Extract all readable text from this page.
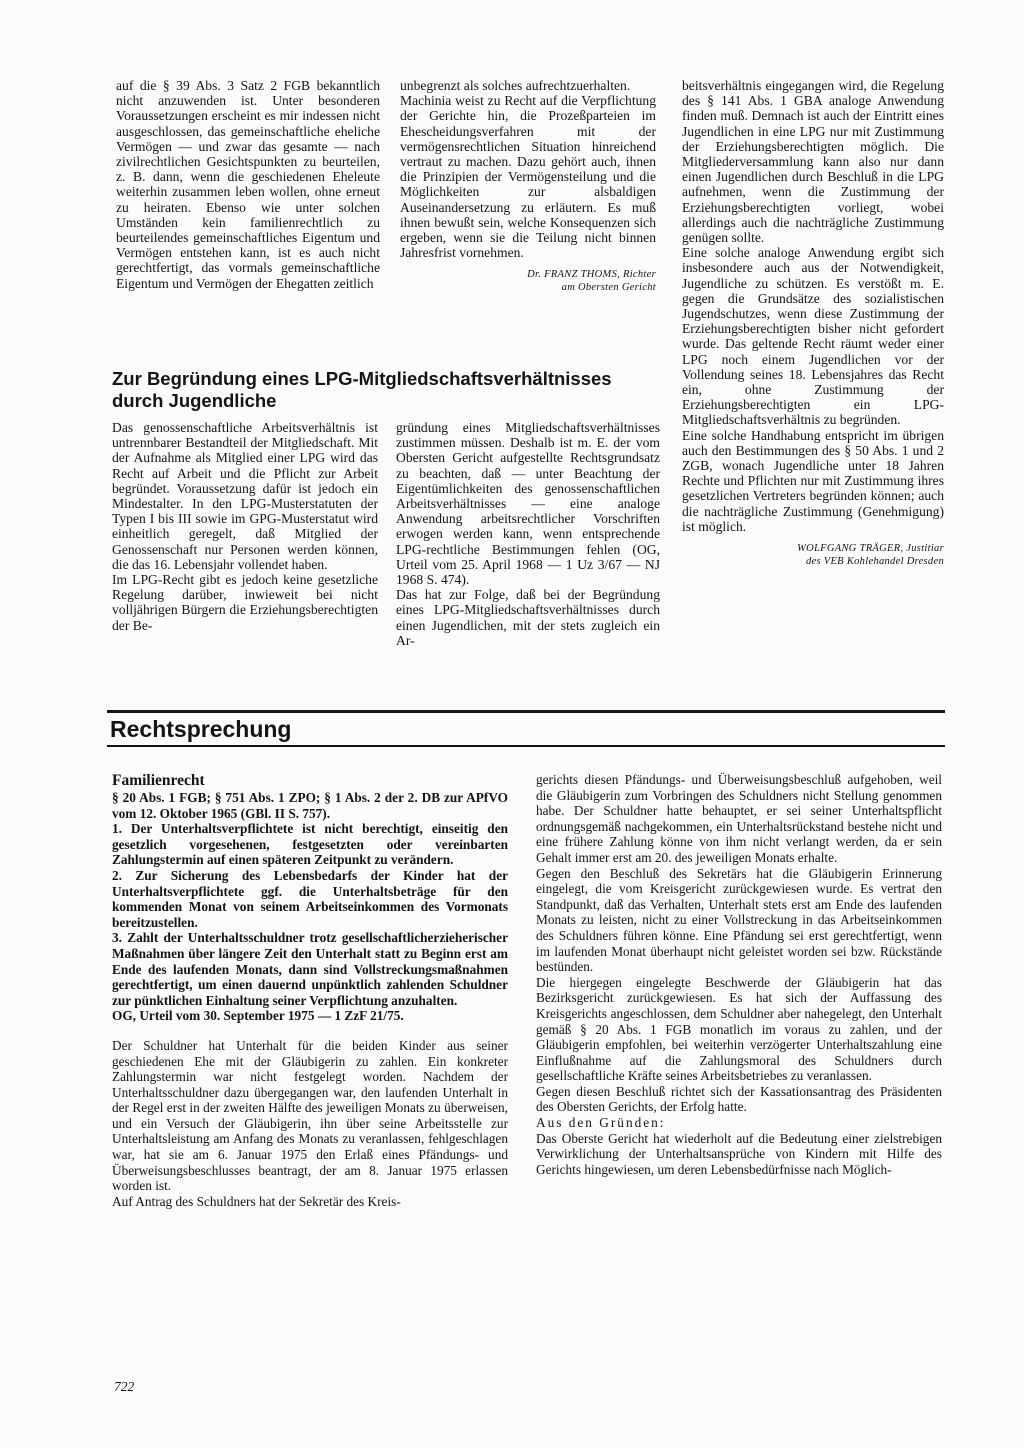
auf die § 39 Abs. 3 Satz 2 FGB bekanntlich nicht anzuwenden ist. Unter besonderen Voraussetzungen erscheint es mir indessen nicht ausgeschlossen, das gemeinschaftliche eheliche Vermögen — und zwar das gesamte — nach zivilrechtlichen Gesichtspunkten zu beurteilen, z. B. dann, wenn die geschiedenen Eheleute weiterhin zusammen leben wollen, ohne erneut zu heiraten. Ebenso wie unter solchen Umständen kein familienrechtlich zu beurteilendes gemeinschaftliches Eigentum und Vermögen entstehen kann, ist es auch nicht gerechtfertigt, das vormals gemeinschaftliche Eigentum und Vermögen der Ehegatten zeitlich

unbegrenzt als solches aufrechtzuerhalten.

Machinia weist zu Recht auf die Verpflichtung der Gerichte hin, die Prozeßparteien im Ehescheidungsverfahren mit der vermögensrechtlichen Situation hinreichend vertraut zu machen. Dazu gehört auch, ihnen die Prinzipien der Vermögensteilung und die Möglichkeiten zur alsbaldigen Auseinandersetzung zu erläutern. Es muß ihnen bewußt sein, welche Konsequenzen sich ergeben, wenn sie die Teilung nicht binnen Jahresfrist vornehmen.

Dr. FRANZ THOMS, Richter
am Obersten Gericht

beitsverhältnis eingegangen wird, die Regelung des § 141 Abs. 1 GBA analoge Anwendung finden muß. Demnach ist auch der Eintritt eines Jugendlichen in eine LPG nur mit Zustimmung der Erziehungsberechtigten möglich. Die Mitgliederversammlung kann also nur dann einen Jugendlichen durch Beschluß in die LPG aufnehmen, wenn die Zustimmung der Erziehungsberechtigten vorliegt, wobei allerdings auch die nachträgliche Zustimmung genügen sollte.

Eine solche analoge Anwendung ergibt sich insbesondere auch aus der Notwendigkeit, Jugendliche zu schützen. Es verstößt m. E. gegen die Grundsätze des sozialistischen Jugendschutzes, wenn diese Zustimmung der Erziehungsberechtigten bisher nicht gefordert wurde. Das geltende Recht räumt weder einer LPG noch einem Jugendlichen vor der Vollendung seines 18. Lebensjahres das Recht ein, ohne Zustimmung der Erziehungsberechtigten ein LPG-Mitgliedschaftsverhältnis zu begründen.

Eine solche Handhabung entspricht im übrigen auch den Bestimmungen des § 50 Abs. 1 und 2 ZGB, wonach Jugendliche unter 18 Jahren Rechte und Pflichten nur mit Zustimmung ihres gesetzlichen Vertreters begründen können; auch die nachträgliche Zustimmung (Genehmigung) ist möglich.

WOLFGANG TRÄGER, Justitiar
des VEB Kohlehandel Dresden
Zur Begründung eines LPG-Mitgliedschaftsverhältnisses durch Jugendliche

Das genossenschaftliche Arbeitsverhältnis ist untrennbarer Bestandteil der Mitgliedschaft. Mit der Aufnahme als Mitglied einer LPG wird das Recht auf Arbeit und die Pflicht zur Arbeit begründet. Voraussetzung dafür ist jedoch ein Mindestalter. In den LPG-Musterstatuten der Typen I bis III sowie im GPG-Musterstatut wird einheitlich geregelt, daß Mitglied der Genossenschaft nur Personen werden können, die das 16. Lebensjahr vollendet haben.

Im LPG-Recht gibt es jedoch keine gesetzliche Regelung darüber, inwieweit bei nicht volljährigen Bürgern die Erziehungsberechtigten der Be-

gründung eines Mitgliedschaftsverhältnisses zustimmen müssen. Deshalb ist m. E. der vom Obersten Gericht aufgestellte Rechtsgrundsatz zu beachten, daß — unter Beachtung der Eigentümlichkeiten des genossenschaftlichen Arbeitsverhältnisses — eine analoge Anwendung arbeitsrechtlicher Vorschriften erwogen werden kann, wenn entsprechende LPG-rechtliche Bestimmungen fehlen (OG, Urteil vom 25. April 1968 — 1 Uz 3/67 — NJ 1968 S. 474).

Das hat zur Folge, daß bei der Begründung eines LPG-Mitgliedschaftsverhältnisses durch einen Jugendlichen, mit der stets zugleich ein Ar-

Rechtsprechung

Familienrecht

§ 20 Abs. 1 FGB; § 751 Abs. 1 ZPO; § 1 Abs. 2 der 2. DB zur APfVO vom 12. Oktober 1965 (GBl. II S. 757).

1. Der Unterhaltsverpflichtete ist nicht berechtigt, einseitig den gesetzlich vorgesehenen, festgesetzten oder vereinbarten Zahlungstermin auf einen späteren Zeitpunkt zu verändern.

2. Zur Sicherung des Lebensbedarfs der Kinder hat der Unterhaltsverpflichtete ggf. die Unterhaltsbeträge für den kommenden Monat von seinem Arbeitseinkommen des Vormonats bereitzustellen.

3. Zahlt der Unterhaltsschuldner trotz gesellschaftlicherzieherischer Maßnahmen über längere Zeit den Unterhalt statt zu Beginn erst am Ende des laufenden Monats, dann sind Vollstreckungsmaßnahmen gerechtfertigt, um einen dauernd unpünktlich zahlenden Schuldner zur pünktlichen Einhaltung seiner Verpflichtung anzuhalten.

OG, Urteil vom 30. September 1975 — 1 ZzF 21/75.

Der Schuldner hat Unterhalt für die beiden Kinder aus seiner geschiedenen Ehe mit der Gläubigerin zu zahlen. Ein konkreter Zahlungstermin war nicht festgelegt worden. Nachdem der Unterhaltsschuldner dazu übergegangen war, den laufenden Unterhalt in der Regel erst in der zweiten Hälfte des jeweiligen Monats zu überweisen, und ein Versuch der Gläubigerin, ihn über seine Arbeitsstelle zur Unterhaltsleistung am Anfang des Monats zu veranlassen, fehlgeschlagen war, hat sie am 6. Januar 1975 den Erlaß eines Pfändungs- und Überweisungsbeschlusses beantragt, der am 8. Januar 1975 erlassen worden ist.

Auf Antrag des Schuldners hat der Sekretär des Kreis-

gerichts diesen Pfändungs- und Überweisungsbeschluß aufgehoben, weil die Gläubigerin zum Vorbringen des Schuldners nicht Stellung genommen habe. Der Schuldner hatte behauptet, er sei seiner Unterhaltspflicht ordnungsgemäß nachgekommen, ein Unterhaltsrückstand bestehe nicht und eine frühere Zahlung könne von ihm nicht verlangt werden, da er sein Gehalt immer erst am 20. des jeweiligen Monats erhalte.

Gegen den Beschluß des Sekretärs hat die Gläubigerin Erinnerung eingelegt, die vom Kreisgericht zurückgewiesen wurde. Es vertrat den Standpunkt, daß das Verhalten, Unterhalt stets erst am Ende des laufenden Monats zu leisten, nicht zu einer Vollstreckung in das Arbeitseinkommen des Schuldners führen könne. Eine Pfändung sei erst gerechtfertigt, wenn im laufenden Monat überhaupt nicht geleistet worden sei bzw. Rückstände bestünden.

Die hiergegen eingelegte Beschwerde der Gläubigerin hat das Bezirksgericht zurückgewiesen. Es hat sich der Auffassung des Kreisgerichts angeschlossen, dem Schuldner aber nahegelegt, den Unterhalt gemäß § 20 Abs. 1 FGB monatlich im voraus zu zahlen, und der Gläubigerin empfohlen, bei weiterhin verzögerter Unterhaltszahlung eine Einflußnahme auf die Zahlungsmoral des Schuldners durch gesellschaftliche Kräfte seines Arbeitsbetriebes zu veranlassen.

Gegen diesen Beschluß richtet sich der Kassationsantrag des Präsidenten des Obersten Gerichts, der Erfolg hatte.

Aus den Gründen:

Das Oberste Gericht hat wiederholt auf die Bedeutung einer zielstrebigen Verwirklichung der Unterhaltsansprüche von Kindern mit Hilfe des Gerichts hingewiesen, um deren Lebensbedürfnisse nach Möglich-

722
